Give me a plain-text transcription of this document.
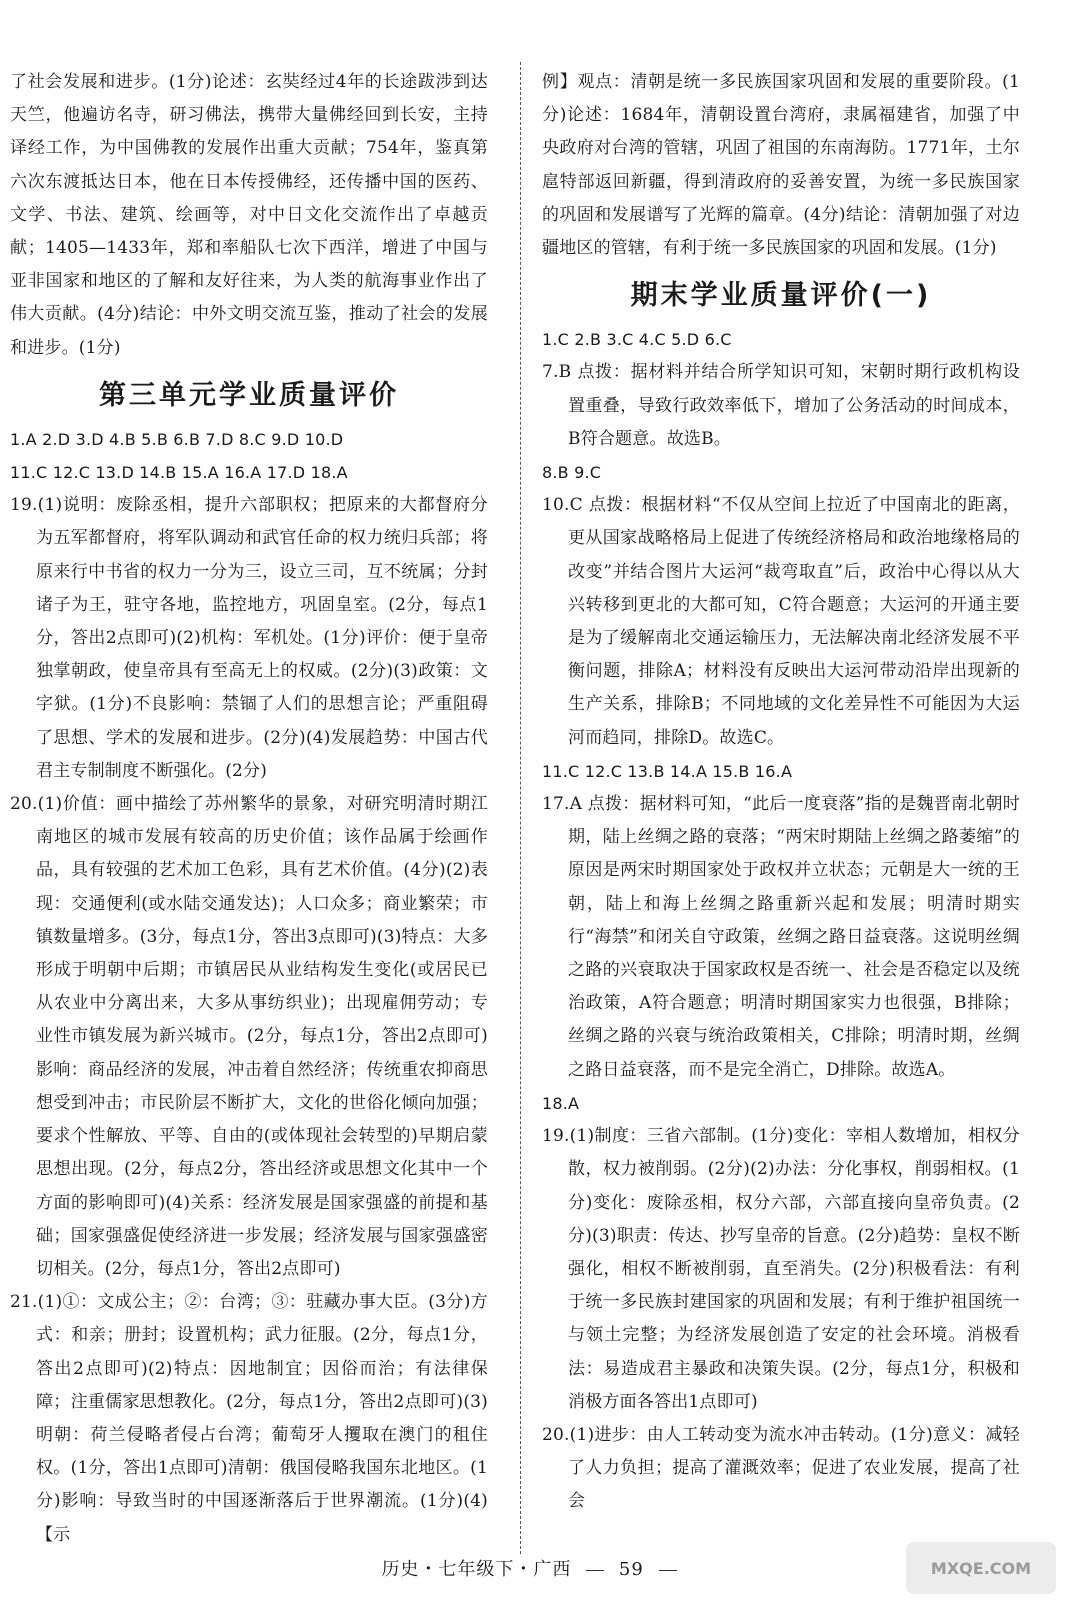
了社会发展和进步。(1分)论述：玄奘经过4年的长途跋涉到达天竺，他遍访名寺，研习佛法，携带大量佛经回到长安，主持译经工作，为中国佛教的发展作出重大贡献；754年，鉴真第六次东渡抵达日本，他在日本传授佛经，还传播中国的医药、文学、书法、建筑、绘画等，对中日文化交流作出了卓越贡献；1405—1433年，郑和率船队七次下西洋，增进了中国与亚非国家和地区的了解和友好往来，为人类的航海事业作出了伟大贡献。(4分)结论：中外文明交流互鉴，推动了社会的发展和进步。(1分)

第三单元学业质量评价

1.A 2.D 3.D 4.B 5.B 6.B 7.D 8.C 9.D 10.D

11.C 12.C 13.D 14.B 15.A 16.A 17.D 18.A

19.(1)说明：废除丞相，提升六部职权；把原来的大都督府分为五军都督府，将军队调动和武官任命的权力统归兵部；将原来行中书省的权力一分为三，设立三司，互不统属；分封诸子为王，驻守各地，监控地方，巩固皇室。(2分，每点1分，答出2点即可)(2)机构：军机处。(1分)评价：便于皇帝独掌朝政，使皇帝具有至高无上的权威。(2分)(3)政策：文字狱。(1分)不良影响：禁锢了人们的思想言论；严重阻碍了思想、学术的发展和进步。(2分)(4)发展趋势：中国古代君主专制制度不断强化。(2分)

20.(1)价值：画中描绘了苏州繁华的景象，对研究明清时期江南地区的城市发展有较高的历史价值；该作品属于绘画作品，具有较强的艺术加工色彩，具有艺术价值。(4分)(2)表现：交通便利(或水陆交通发达)；人口众多；商业繁荣；市镇数量增多。(3分，每点1分，答出3点即可)(3)特点：大多形成于明朝中后期；市镇居民从业结构发生变化(或居民已从农业中分离出来，大多从事纺织业)；出现雇佣劳动；专业性市镇发展为新兴城市。(2分，每点1分，答出2点即可)影响：商品经济的发展，冲击着自然经济；传统重农抑商思想受到冲击；市民阶层不断扩大，文化的世俗化倾向加强；要求个性解放、平等、自由的(或体现社会转型的)早期启蒙思想出现。(2分，每点2分，答出经济或思想文化其中一个方面的影响即可)(4)关系：经济发展是国家强盛的前提和基础；国家强盛促使经济进一步发展；经济发展与国家强盛密切相关。(2分，每点1分，答出2点即可)

21.(1)①：文成公主；②：台湾；③：驻藏办事大臣。(3分)方式：和亲；册封；设置机构；武力征服。(2分，每点1分，答出2点即可)(2)特点：因地制宜；因俗而治；有法律保障；注重儒家思想教化。(2分，每点1分，答出2点即可)(3)明朝：荷兰侵略者侵占台湾；葡萄牙人攫取在澳门的租住权。(1分，答出1点即可)清朝：俄国侵略我国东北地区。(1分)影响：导致当时的中国逐渐落后于世界潮流。(1分)(4)【示

例】观点：清朝是统一多民族国家巩固和发展的重要阶段。(1分)论述：1684年，清朝设置台湾府，隶属福建省，加强了中央政府对台湾的管辖，巩固了祖国的东南海防。1771年，土尔扈特部返回新疆，得到清政府的妥善安置，为统一多民族国家的巩固和发展谱写了光辉的篇章。(4分)结论：清朝加强了对边疆地区的管辖，有利于统一多民族国家的巩固和发展。(1分)

期末学业质量评价(一)

1.C 2.B 3.C 4.C 5.D 6.C

7.B 点拨：据材料并结合所学知识可知，宋朝时期行政机构设置重叠，导致行政效率低下，增加了公务活动的时间成本，B符合题意。故选B。

8.B 9.C

10.C 点拨：根据材料“不仅从空间上拉近了中国南北的距离，更从国家战略格局上促进了传统经济格局和政治地缘格局的改变”并结合图片大运河“裁弯取直”后，政治中心得以从大兴转移到更北的大都可知，C符合题意；大运河的开通主要是为了缓解南北交通运输压力，无法解决南北经济发展不平衡问题，排除A；材料没有反映出大运河带动沿岸出现新的生产关系，排除B；不同地域的文化差异性不可能因为大运河而趋同，排除D。故选C。

11.C 12.C 13.B 14.A 15.B 16.A

17.A 点拨：据材料可知，“此后一度衰落”指的是魏晋南北朝时期，陆上丝绸之路的衰落；“两宋时期陆上丝绸之路萎缩”的原因是两宋时期国家处于政权并立状态；元朝是大一统的王朝，陆上和海上丝绸之路重新兴起和发展；明清时期实行“海禁”和闭关自守政策，丝绸之路日益衰落。这说明丝绸之路的兴衰取决于国家政权是否统一、社会是否稳定以及统治政策，A符合题意；明清时期国家实力也很强，B排除；丝绸之路的兴衰与统治政策相关，C排除；明清时期，丝绸之路日益衰落，而不是完全消亡，D排除。故选A。

18.A

19.(1)制度：三省六部制。(1分)变化：宰相人数增加，相权分散，权力被削弱。(2分)(2)办法：分化事权，削弱相权。(1分)变化：废除丞相，权分六部，六部直接向皇帝负责。(2分)(3)职责：传达、抄写皇帝的旨意。(2分)趋势：皇权不断强化，相权不断被削弱，直至消失。(2分)积极看法：有利于统一多民族封建国家的巩固和发展；有利于维护祖国统一与领土完整；为经济发展创造了安定的社会环境。消极看法：易造成君主暴政和决策失误。(2分，每点1分，积极和消极方面各答出1点即可)

20.(1)进步：由人工转动变为流水冲击转动。(1分)意义：减轻了人力负担；提高了灌溉效率；促进了农业发展，提高了社会

历史・七年级下・广西	59	MXQE.COM
